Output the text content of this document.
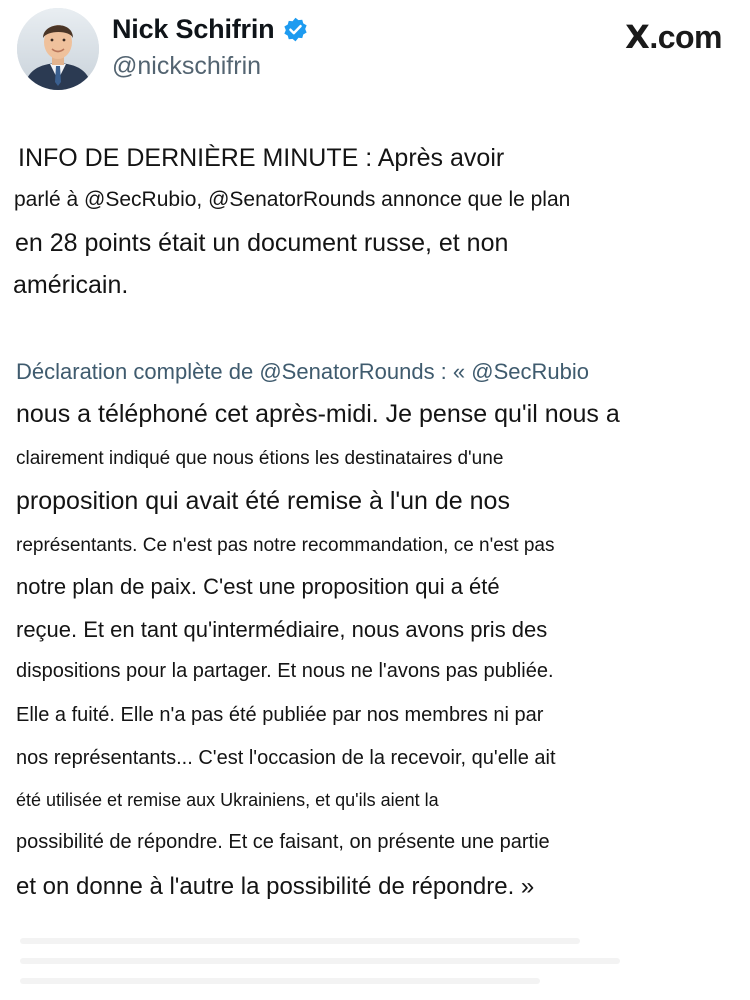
Nick Schifrin
@nickschifrin
X.com
INFO DE DERNIÈRE MINUTE : Après avoir
parlé à @SecRubio, @SenatorRounds annonce que le plan
en 28 points était un document russe, et non
américain.
Déclaration complète de @SenatorRounds : « @SecRubio
nous a téléphoné cet après-midi. Je pense qu'il nous a
clairement indiqué que nous étions les destinataires d'une
proposition qui avait été remise à l'un de nos
représentants. Ce n'est pas notre recommandation, ce n'est pas
notre plan de paix. C'est une proposition qui a été
reçue. Et en tant qu'intermédiaire, nous avons pris des
dispositions pour la partager. Et nous ne l'avons pas publiée.
Elle a fuité. Elle n'a pas été publiée par nos membres ni par
nos représentants... C'est l'occasion de la recevoir, qu'elle ait
été utilisée et remise aux Ukrainiens, et qu'ils aient la
possibilité de répondre. Et ce faisant, on présente une partie
et on donne à l'autre la possibilité de répondre. »
